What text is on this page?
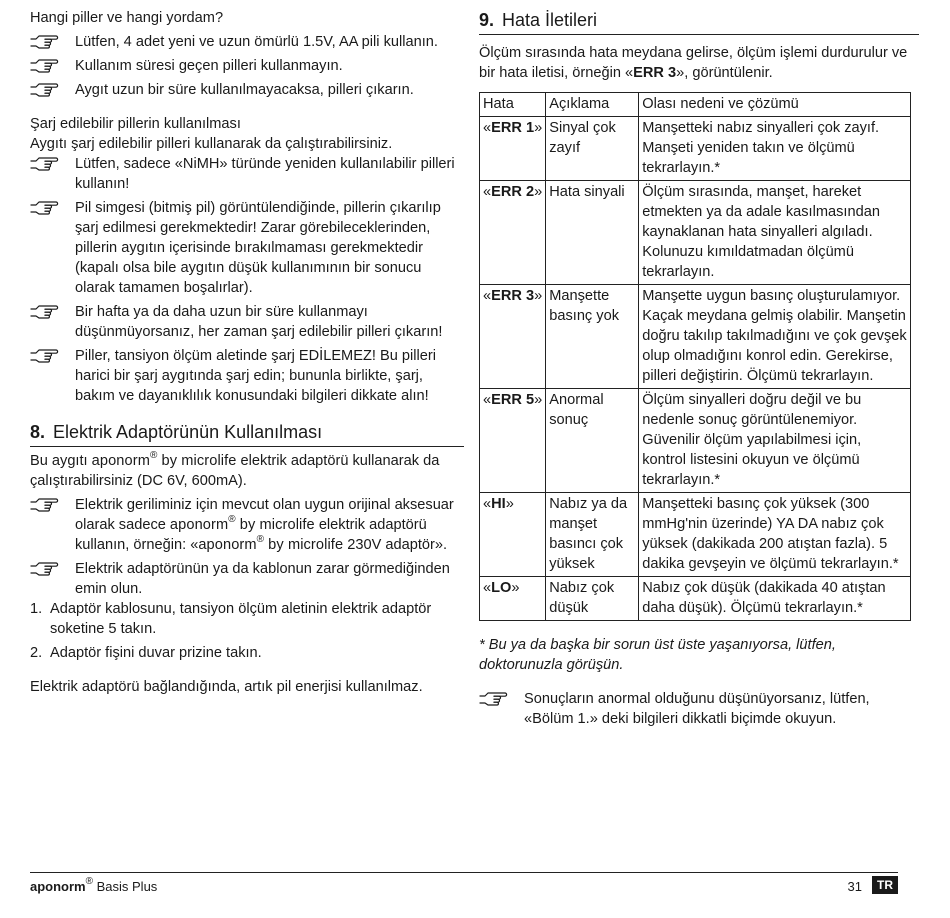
Hangi piller ve hangi yordam?

Lütfen, 4 adet yeni ve uzun ömürlü 1.5V, AA pili kullanın.
Kullanım süresi geçen pilleri kullanmayın.
Aygıt uzun bir süre kullanılmayacaksa, pilleri çıkarın.

Şarj edilebilir pillerin kullanılması

Aygıtı şarj edilebilir pilleri kullanarak da çalıştırabilirsiniz.

Lütfen, sadece «NiMH» türünde yeniden kullanılabilir pilleri kullanın!
Pil simgesi (bitmiş pil) görüntülendiğinde, pillerin çıkarılıp şarj edilmesi gerekmektedir! Zarar görebileceklerinden, pillerin aygıtın içerisinde bırakılmaması gerekmektedir (kapalı olsa bile aygıtın düşük kullanımının bir sonucu olarak tamamen boşalırlar).
Bir hafta ya da daha uzun bir süre kullanmayı düşünmüyorsanız, her zaman şarj edilebilir pilleri çıkarın!
Piller, tansiyon ölçüm aletinde şarj EDİLEMEZ! Bu pilleri harici bir şarj aygıtında şarj edin; bununla birlikte, şarj, bakım ve dayanıklılık konusundaki bilgileri dikkate alın!
8. Elektrik Adaptörünün Kullanılması

Bu aygıtı aponorm® by microlife elektrik adaptörü kullanarak da çalıştırabilirsiniz (DC 6V, 600mA).

Elektrik geriliminiz için mevcut olan uygun orijinal aksesuar olarak sadece aponorm® by microlife elektrik adaptörü kullanın, örneğin: «aponorm® by microlife 230V adaptör».
Elektrik adaptörünün ya da kablonun zarar görmediğinden emin olun.
1. Adaptör kablosunu, tansiyon ölçüm aletinin elektrik adaptör soketine 5 takın.
2. Adaptör fişini duvar prizine takın.

Elektrik adaptörü bağlandığında, artık pil enerjisi kullanılmaz.

9. Hata İletileri

Ölçüm sırasında hata meydana gelirse, ölçüm işlemi durdurulur ve bir hata iletisi, örneğin «ERR 3», görüntülenir.

Hata	Açıklama	Olası nedeni ve çözümü
«ERR 1»	Sinyal çok zayıf	Manşetteki nabız sinyalleri çok zayıf. Manşeti yeniden takın ve ölçümü tekrarlayın.*
«ERR 2»	Hata sinyali	Ölçüm sırasında, manşet, hareket etmekten ya da adale kasılmasından kaynaklanan hata sinyalleri algıladı. Kolunuzu kımıldatmadan ölçümü tekrarlayın.
«ERR 3»	Manşette basınç yok	Manşette uygun basınç oluşturulamıyor. Kaçak meydana gelmiş olabilir. Manşetin doğru takılıp takılmadığını ve çok gevşek olup olmadığını konrol edin. Gerekirse, pilleri değiştirin. Ölçümü tekrarlayın.
«ERR 5»	Anormal sonuç	Ölçüm sinyalleri doğru değil ve bu nedenle sonuç görüntülenemiyor. Güvenilir ölçüm yapılabilmesi için, kontrol listesini okuyun ve ölçümü tekrarlayın.*
«HI»	Nabız ya da manşet basıncı çok yüksek	Manşetteki basınç çok yüksek (300 mmHg'nin üzerinde) YA DA nabız çok yüksek (dakikada 200 atıştan fazla). 5 dakika gevşeyin ve ölçümü tekrarlayın.*
«LO»	Nabız çok düşük	Nabız çok düşük (dakikada 40 atıştan daha düşük). Ölçümü tekrarlayın.*

* Bu ya da başka bir sorun üst üste yaşanıyorsa, lütfen, doktorunuzla görüşün.

Sonuçların anormal olduğunu düşünüyorsanız, lütfen, «Bölüm 1.» deki bilgileri dikkatli biçimde okuyun.
aponorm® Basis Plus	31	TR
